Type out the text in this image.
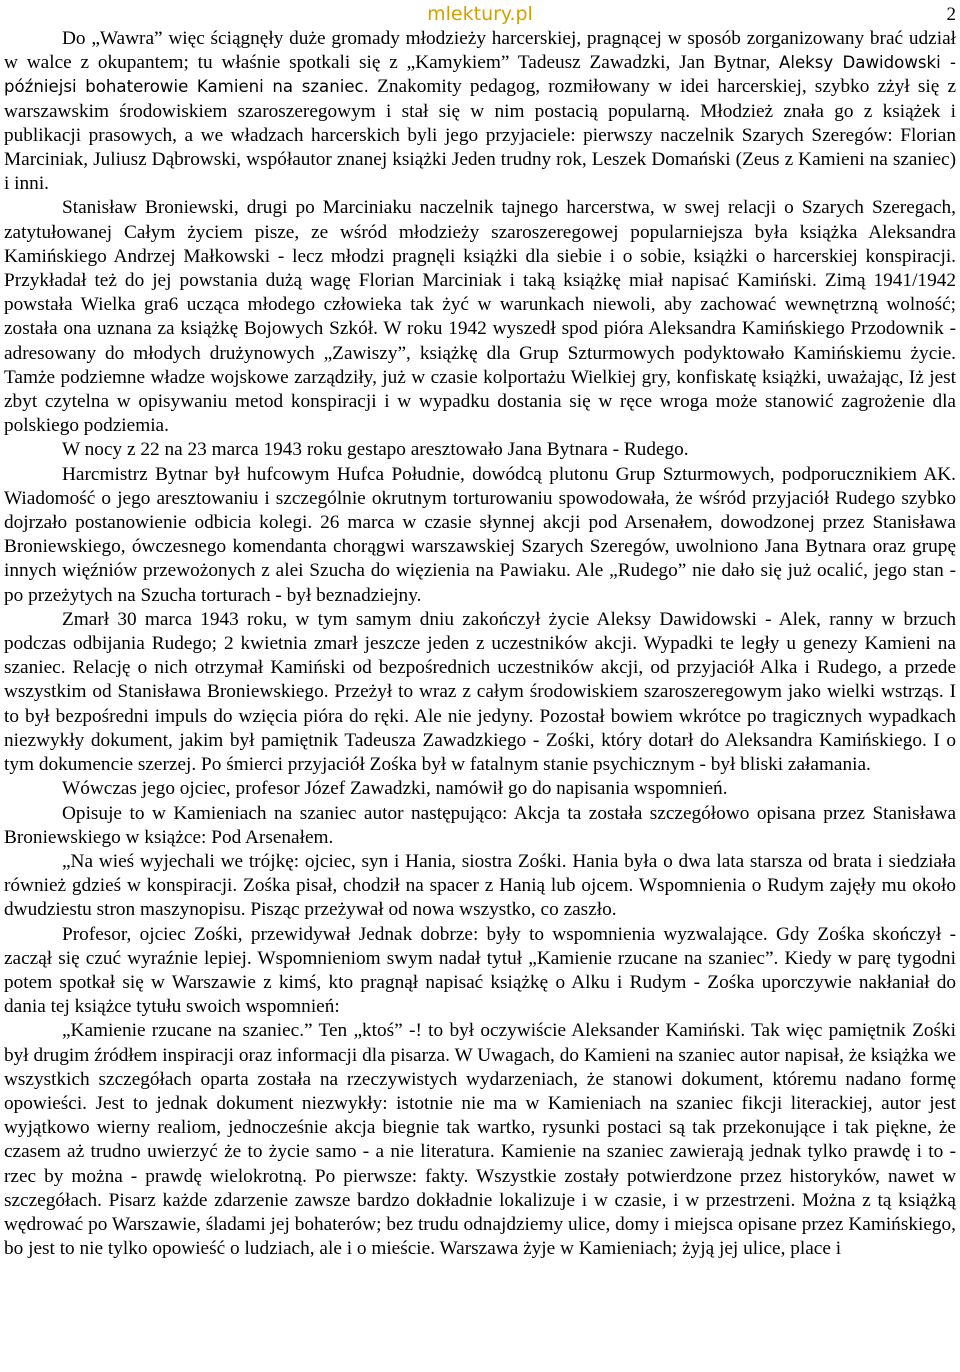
mlektury.pl	2

Do „Wawra” więc ściągnęły duże gromady młodzieży harcerskiej, pragnącej w sposób zorganizowany brać udział w walce z okupantem; tu właśnie spotkali się z „Kamykiem” Tadeusz Zawadzki, Jan Bytnar, Aleksy Dawidowski - późniejsi bohaterowie Kamieni na szaniec. Znakomity pedagog, rozmiłowany w idei harcerskiej, szybko zżył się z warszawskim środowiskiem szaroszeregowym i stał się w nim postacią popularną. Młodzież znała go z książek i publikacji prasowych, a we władzach harcerskich byli jego przyjaciele: pierwszy naczelnik Szarych Szeregów: Florian Marciniak, Juliusz Dąbrowski, współautor znanej książki Jeden trudny rok, Leszek Domański (Zeus z Kamieni na szaniec) i inni.

Stanisław Broniewski, drugi po Marciniaku naczelnik tajnego harcerstwa, w swej relacji o Szarych Szeregach, zatytułowanej Całym życiem pisze, ze wśród młodzieży szaroszeregowej popularniejsza była książka Aleksandra Kamińskiego Andrzej Małkowski - lecz młodzi pragnęli książki dla siebie i o sobie, książki o harcerskiej konspiracji. Przykładał też do jej powstania dużą wagę Florian Marciniak i taką książkę miał napisać Kamiński. Zimą 1941/1942 powstała Wielka gra6 ucząca młodego człowieka tak żyć w warunkach niewoli, aby zachować wewnętrzną wolność; została ona uznana za książkę Bojowych Szkół. W roku 1942 wyszedł spod pióra Aleksandra Kamińskiego Przodownik - adresowany do młodych drużynowych „Zawiszy”, książkę dla Grup Szturmowych podyktowało Kamińskiemu życie. Tamże podziemne władze wojskowe zarządziły, już w czasie kolportażu Wielkiej gry, konfiskatę książki, uważając, Iż jest zbyt czytelna w opisywaniu metod konspiracji i w wypadku dostania się w ręce wroga może stanowić zagrożenie dla polskiego podziemia.

W nocy z 22 na 23 marca 1943 roku gestapo aresztowało Jana Bytnara - Rudego.

Harcmistrz Bytnar był hufcowym Hufca Południe, dowódcą plutonu Grup Szturmowych, podporucznikiem AK. Wiadomość o jego aresztowaniu i szczególnie okrutnym torturowaniu spowodowała, że wśród przyjaciół Rudego szybko dojrzało postanowienie odbicia kolegi. 26 marca w czasie słynnej akcji pod Arsenałem, dowodzonej przez Stanisława Broniewskiego, ówczesnego komendanta chorągwi warszawskiej Szarych Szeregów, uwolniono Jana Bytnara oraz grupę innych więźniów przewożonych z alei Szucha do więzienia na Pawiaku. Ale „Rudego” nie dało się już ocalić, jego stan - po przeżytych na Szucha torturach - był beznadziejny.

Zmarł 30 marca 1943 roku, w tym samym dniu zakończył życie Aleksy Dawidowski - Alek, ranny w brzuch podczas odbijania Rudego; 2 kwietnia zmarł jeszcze jeden z uczestników akcji. Wypadki te legły u genezy Kamieni na szaniec. Relację o nich otrzymał Kamiński od bezpośrednich uczestników akcji, od przyjaciół Alka i Rudego, a przede wszystkim od Stanisława Broniewskiego. Przeżył to wraz z całym środowiskiem szaroszeregowym jako wielki wstrząs. I to był bezpośredni impuls do wzięcia pióra do ręki. Ale nie jedyny. Pozostał bowiem wkrótce po tragicznych wypadkach niezwykły dokument, jakim był pamiętnik Tadeusza Zawadzkiego - Zośki, który dotarł do Aleksandra Kamińskiego. I o tym dokumencie szerzej. Po śmierci przyjaciół Zośka był w fatalnym stanie psychicznym - był bliski załamania.

Wówczas jego ojciec, profesor Józef Zawadzki, namówił go do napisania wspomnień.

Opisuje to w Kamieniach na szaniec autor następująco: Akcja ta została szczegółowo opisana przez Stanisława Broniewskiego w książce: Pod Arsenałem.

„Na wieś wyjechali we trójkę: ojciec, syn i Hania, siostra Zośki. Hania była o dwa lata starsza od brata i siedziała również gdzieś w konspiracji. Zośka pisał, chodził na spacer z Hanią lub ojcem. Wspomnienia o Rudym zajęły mu około dwudziestu stron maszynopisu. Pisząc przeżywał od nowa wszystko, co zaszło.

Profesor, ojciec Zośki, przewidywał Jednak dobrze: były to wspomnienia wyzwalające. Gdy Zośka skończył - zaczął się czuć wyraźnie lepiej. Wspomnieniom swym nadał tytuł „Kamienie rzucane na szaniec”. Kiedy w parę tygodni potem spotkał się w Warszawie z kimś, kto pragnął napisać książkę o Alku i Rudym - Zośka uporczywie nakłaniał do dania tej książce tytułu swoich wspomnień:

„Kamienie rzucane na szaniec.” Ten „ktoś” -! to był oczywiście Aleksander Kamiński. Tak więc pamiętnik Zośki był drugim źródłem inspiracji oraz informacji dla pisarza. W Uwagach, do Kamieni na szaniec autor napisał, że książka we wszystkich szczegółach oparta została na rzeczywistych wydarzeniach, że stanowi dokument, któremu nadano formę opowieści. Jest to jednak dokument niezwykły: istotnie nie ma w Kamieniach na szaniec fikcji literackiej, autor jest wyjątkowo wierny realiom, jednocześnie akcja biegnie tak wartko, rysunki postaci są tak przekonujące i tak piękne, że czasem aż trudno uwierzyć że to życie samo - a nie literatura. Kamienie na szaniec zawierają jednak tylko prawdę i to - rzec by można - prawdę wielokrotną. Po pierwsze: fakty. Wszystkie zostały potwierdzone przez historyków, nawet w szczegółach. Pisarz każde zdarzenie zawsze bardzo dokładnie lokalizuje i w czasie, i w przestrzeni. Można z tą książką wędrować po Warszawie, śladami jej bohaterów; bez trudu odnajdziemy ulice, domy i miejsca opisane przez Kamińskiego, bo jest to nie tylko opowieść o ludziach, ale i o mieście. Warszawa żyje w Kamieniach; żyją jej ulice, place i
